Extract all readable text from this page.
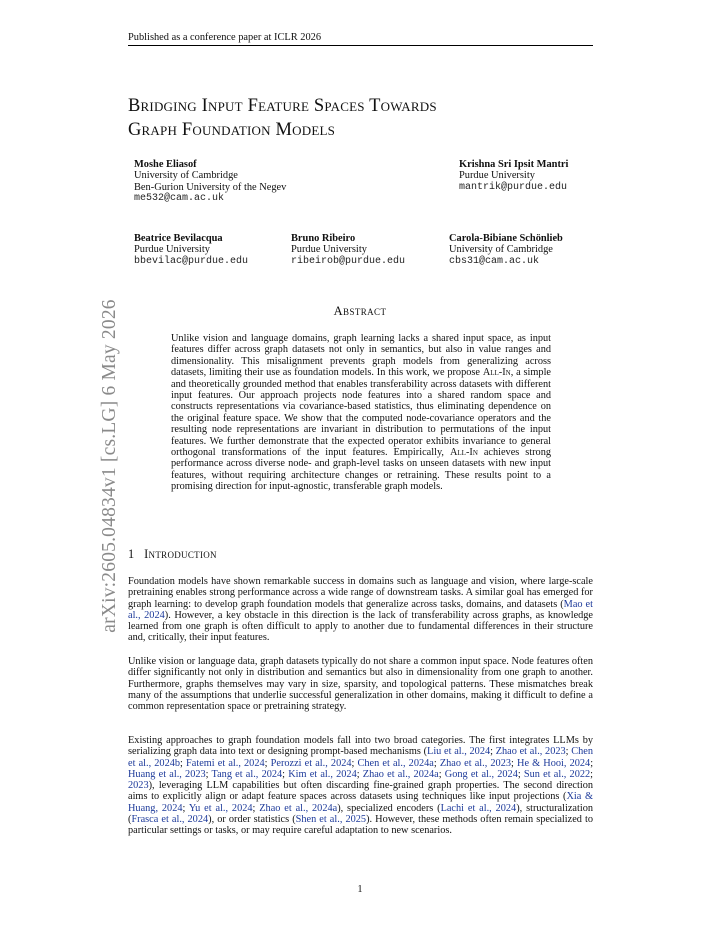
Published as a conference paper at ICLR 2026
arXiv:2605.04834v1 [cs.LG] 6 May 2026
Bridging Input Feature Spaces Towards
Graph Foundation Models
Moshe Eliasof
University of Cambridge
Ben-Gurion University of the Negev
me532@cam.ac.uk
Krishna Sri Ipsit Mantri
Purdue University
mantrik@purdue.edu
Beatrice Bevilacqua
Purdue University
bbevilac@purdue.edu
Bruno Ribeiro
Purdue University
ribeirob@purdue.edu
Carola-Bibiane Schönlieb
University of Cambridge
cbs31@cam.ac.uk
Abstract
Unlike vision and language domains, graph learning lacks a shared input space, as input features differ across graph datasets not only in semantics, but also in value ranges and dimensionality. This misalignment prevents graph models from generalizing across datasets, limiting their use as foundation models. In this work, we propose All-In, a simple and theoretically grounded method that enables transferability across datasets with different input features. Our approach projects node features into a shared random space and constructs representations via covariance-based statistics, thus eliminating dependence on the original feature space. We show that the computed node-covariance operators and the resulting node representations are invariant in distribution to permutations of the input features. We further demonstrate that the expected operator exhibits invariance to general orthogonal transformations of the input features. Empirically, All-In achieves strong performance across diverse node- and graph-level tasks on unseen datasets with new input features, without requiring architecture changes or retraining. These results point to a promising direction for input-agnostic, transferable graph models.
1 Introduction
Foundation models have shown remarkable success in domains such as language and vision, where large-scale pretraining enables strong performance across a wide range of downstream tasks. A similar goal has emerged for graph learning: to develop graph foundation models that generalize across tasks, domains, and datasets (Mao et al., 2024). However, a key obstacle in this direction is the lack of transferability across graphs, as knowledge learned from one graph is often difficult to apply to another due to fundamental differences in their structure and, critically, their input features.
Unlike vision or language data, graph datasets typically do not share a common input space. Node features often differ significantly not only in distribution and semantics but also in dimensionality from one graph to another. Furthermore, graphs themselves may vary in size, sparsity, and topological patterns. These mismatches break many of the assumptions that underlie successful generalization in other domains, making it difficult to define a common representation space or pretraining strategy.
Existing approaches to graph foundation models fall into two broad categories. The first integrates LLMs by serializing graph data into text or designing prompt-based mechanisms (Liu et al., 2024; Zhao et al., 2023; Chen et al., 2024b; Fatemi et al., 2024; Perozzi et al., 2024; Chen et al., 2024a; Zhao et al., 2023; He & Hooi, 2024; Huang et al., 2023; Tang et al., 2024; Kim et al., 2024; Zhao et al., 2024a; Gong et al., 2024; Sun et al., 2022; 2023), leveraging LLM capabilities but often discarding fine-grained graph properties. The second direction aims to explicitly align or adapt feature spaces across datasets using techniques like input projections (Xia & Huang, 2024; Yu et al., 2024; Zhao et al., 2024a), specialized encoders (Lachi et al., 2024), structuralization (Frasca et al., 2024), or order statistics (Shen et al., 2025). However, these methods often remain specialized to particular settings or tasks, or may require careful adaptation to new scenarios.
1
